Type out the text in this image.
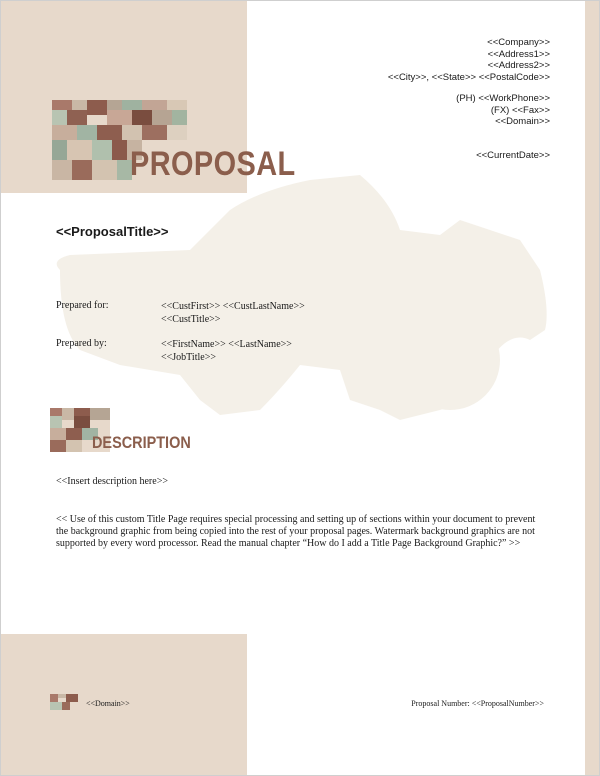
PROPOSAL
<<Company>>
<<Address1>>
<<Address2>>
<<City>>, <<State>> <<PostalCode>>
(PH) <<WorkPhone>>
(FX) <<Fax>>
<<Domain>>
<<CurrentDate>>
<<ProposalTitle>>
Prepared for:	<<CustFirst>> <<CustLastName>>
<<CustTitle>>
Prepared by:	<<FirstName>> <<LastName>>
<<JobTitle>>
DESCRIPTION
<<Insert description here>>
<< Use of this custom Title Page requires special processing and setting up of sections within your document to prevent the background graphic from being copied into the rest of your proposal pages. Watermark background graphics are not supported by every word processor. Read the manual chapter “How do I add a Title Page Background Graphic?” >>
<<Domain>>	Proposal Number: <<ProposalNumber>>
